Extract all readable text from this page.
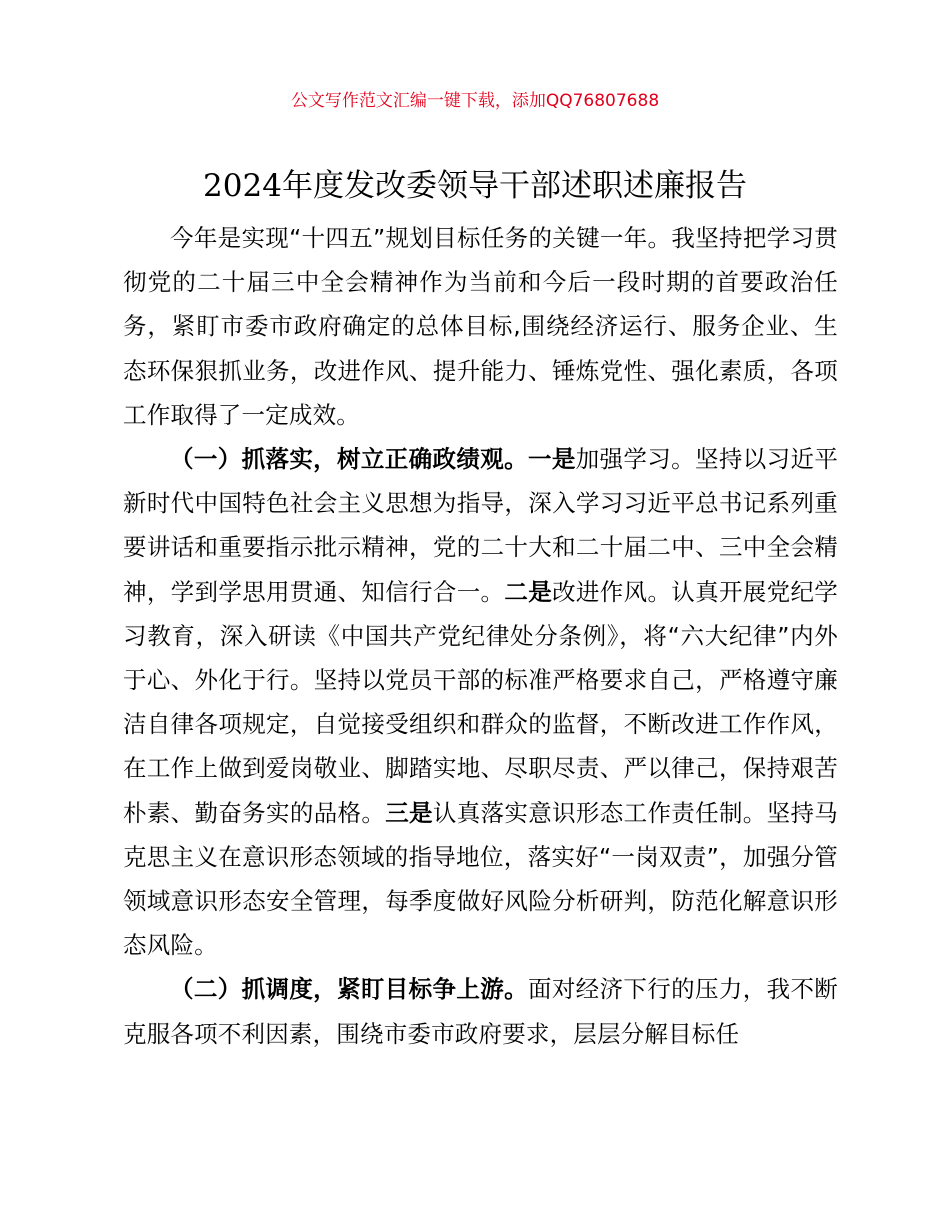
公文写作范文汇编一键下载，添加QQ76807688
2024年度发改委领导干部述职述廉报告

今年是实现“十四五”规划目标任务的关键一年。我坚持把学习贯彻党的二十届三中全会精神作为当前和今后一段时期的首要政治任务，紧盯市委市政府确定的总体目标,围绕经济运行、服务企业、生态环保狠抓业务，改进作风、提升能力、锤炼党性、强化素质，各项工作取得了一定成效。

（一）抓落实，树立正确政绩观。一是加强学习。坚持以习近平新时代中国特色社会主义思想为指导，深入学习习近平总书记系列重要讲话和重要指示批示精神，党的二十大和二十届二中、三中全会精神，学到学思用贯通、知信行合一。二是改进作风。认真开展党纪学习教育，深入研读《中国共产党纪律处分条例》，将“六大纪律”内外于心、外化于行。坚持以党员干部的标准严格要求自己，严格遵守廉洁自律各项规定，自觉接受组织和群众的监督，不断改进工作作风，在工作上做到爱岗敬业、脚踏实地、尽职尽责、严以律己，保持艰苦朴素、勤奋务实的品格。三是认真落实意识形态工作责任制。坚持马克思主义在意识形态领域的指导地位，落实好“一岗双责”，加强分管领域意识形态安全管理，每季度做好风险分析研判，防范化解意识形态风险。

（二）抓调度，紧盯目标争上游。面对经济下行的压力，我不断克服各项不利因素，围绕市委市政府要求，层层分解目标任
